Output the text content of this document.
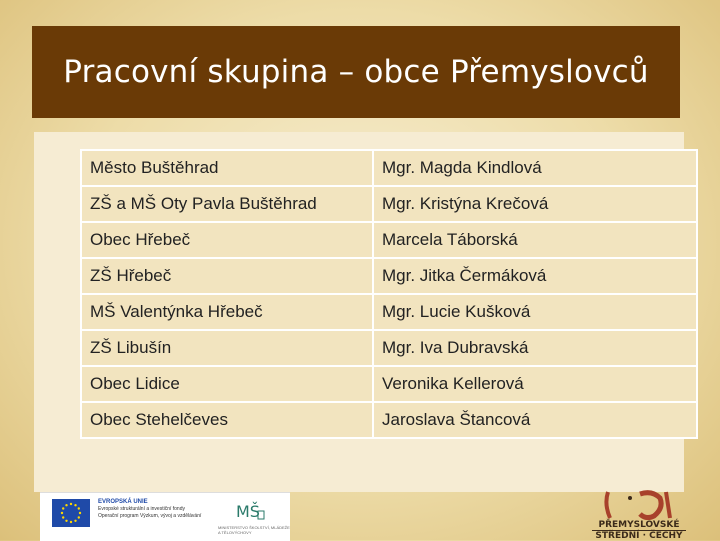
Pracovní skupina – obce Přemyslovců
Město Buštěhrad	Mgr. Magda Kindlová
ZŠ a MŠ Oty Pavla Buštěhrad	Mgr. Kristýna Krečová
Obec Hřebeč	Marcela Táborská
ZŠ Hřebeč	Mgr. Jitka Čermáková
MŠ Valentýnka Hřebeč	Mgr. Lucie Kušková
ZŠ Libušín	Mgr. Iva Dubravská
Obec Lidice	Veronika Kellerová
Obec Stehelčeves	Jaroslava Štancová
EVROPSKÁ UNIE
Evropské strukturální a investiční fondy
Operační program Výzkum, vývoj a vzdělávání MŠ
MINISTERSTVO ŠKOLSTVÍ, MLÁDEŽE A TĚLOVÝCHOVY
PŘEMYSLOVSKÉ
STŘEDNÍ · ČECHY
